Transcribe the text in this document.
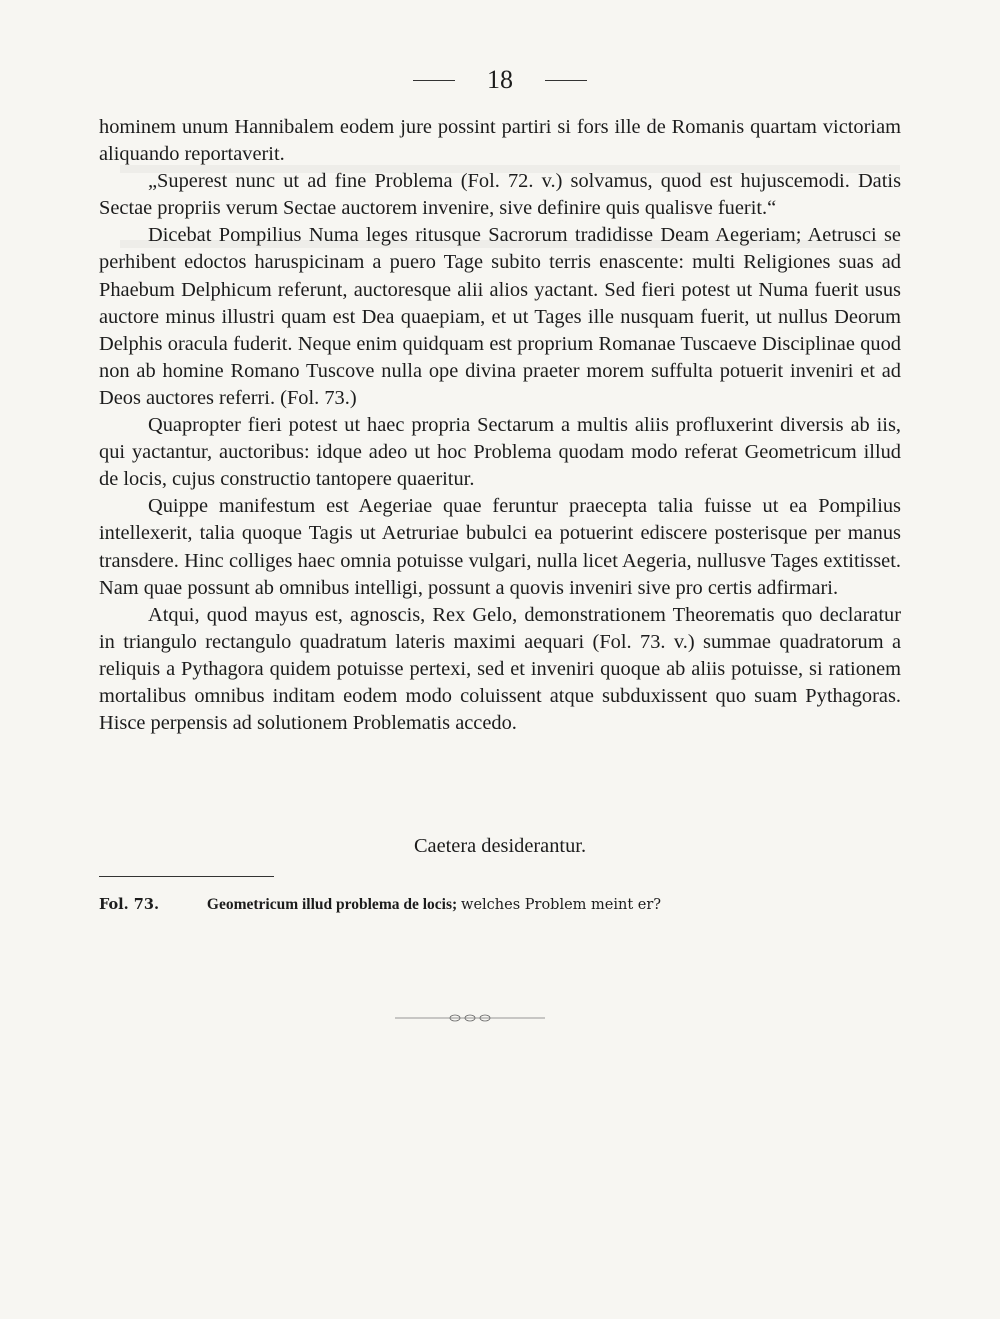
18

hominem unum Hannibalem eodem jure possint partiri si fors ille de Romanis quartam victoriam aliquando reportaverit.

„Superest nunc ut ad fine Problema (Fol. 72. v.) solvamus, quod est hujuscemodi. Datis Sectae propriis verum Sectae auctorem invenire, sive definire quis qualisve fuerit.“

Dicebat Pompilius Numa leges ritusque Sacrorum tradidisse Deam Aegeriam; Aetrusci se perhibent edoctos haruspicinam a puero Tage subito terris enascente: multi Religiones suas ad Phaebum Delphicum referunt, auctoresque alii alios yactant. Sed fieri potest ut Numa fuerit usus auctore minus illustri quam est Dea quaepiam, et ut Tages ille nusquam fuerit, ut nullus Deorum Delphis oracula fuderit. Neque enim quidquam est proprium Romanae Tuscaeve Disciplinae quod non ab homine Romano Tuscove nulla ope divina praeter morem suffulta potuerit inveniri et ad Deos auctores referri. (Fol. 73.)

Quapropter fieri potest ut haec propria Sectarum a multis aliis profluxerint diversis ab iis, qui yactantur, auctoribus: idque adeo ut hoc Problema quodam modo referat Geometricum illud de locis, cujus constructio tantopere quaeritur.

Quippe manifestum est Aegeriae quae feruntur praecepta talia fuisse ut ea Pompilius intellexerit, talia quoque Tagis ut Aetruriae bubulci ea potuerint ediscere posterisque per manus transdere. Hinc colliges haec omnia potuisse vulgari, nulla licet Aegeria, nullusve Tages extitisset. Nam quae possunt ab omnibus intelligi, possunt a quovis inveniri sive pro certis adfirmari.

Atqui, quod mayus est, agnoscis, Rex Gelo, demonstrationem Theorematis quo declaratur in triangulo rectangulo quadratum lateris maximi aequari (Fol. 73. v.) summae quadratorum a reliquis a Pythagora quidem potuisse pertexi, sed et inveniri quoque ab aliis potuisse, si rationem mortalibus omnibus inditam eodem modo coluissent atque subduxissent quo suam Pythagoras. Hisce perpensis ad solutionem Problematis accedo.

Caetera desiderantur.
Fol. 73.	Geometricum illud problema de locis; welches Problem meint er?
